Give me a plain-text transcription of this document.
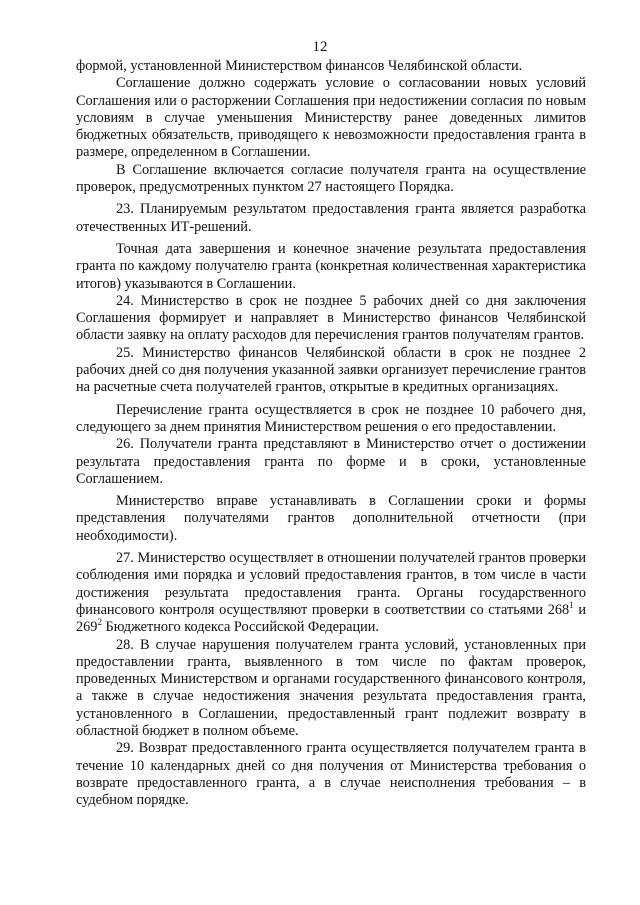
12

формой, установленной Министерством финансов Челябинской области.

Соглашение должно содержать условие о согласовании новых условий Соглашения или о расторжении Соглашения при недостижении согласия по новым условиям в случае уменьшения Министерству ранее доведенных лимитов бюджетных обязательств, приводящего к невозможности предоставления гранта в размере, определенном в Соглашении.

В Соглашение включается согласие получателя гранта на осуществление проверок, предусмотренных пунктом 27 настоящего Порядка.

23. Планируемым результатом предоставления гранта является разработка отечественных ИТ-решений.

Точная дата завершения и конечное значение результата предоставления гранта по каждому получателю гранта (конкретная количественная характеристика итогов) указываются в Соглашении.

24. Министерство в срок не позднее 5 рабочих дней со дня заключения Соглашения формирует и направляет в Министерство финансов Челябинской области заявку на оплату расходов для перечисления грантов получателям грантов.

25. Министерство финансов Челябинской области в срок не позднее 2 рабочих дней со дня получения указанной заявки организует перечисление грантов на расчетные счета получателей грантов, открытые в кредитных организациях.

Перечисление гранта осуществляется в срок не позднее 10 рабочего дня, следующего за днем принятия Министерством решения о его предоставлении.

26. Получатели гранта представляют в Министерство отчет о достижении результата предоставления гранта по форме и в сроки, установленные Соглашением.

Министерство вправе устанавливать в Соглашении сроки и формы представления получателями грантов дополнительной отчетности (при необходимости).

27. Министерство осуществляет в отношении получателей грантов проверки соблюдения ими порядка и условий предоставления грантов, в том числе в части достижения результата предоставления гранта. Органы государственного финансового контроля осуществляют проверки в соответствии со статьями $268^1$ и $269^2$ Бюджетного кодекса Российской Федерации.

28. В случае нарушения получателем гранта условий, установленных при предоставлении гранта, выявленного в том числе по фактам проверок, проведенных Министерством и органами государственного финансового контроля, а также в случае недостижения значения результата предоставления гранта, установленного в Соглашении, предоставленный грант подлежит возврату в областной бюджет в полном объеме.

29. Возврат предоставленного гранта осуществляется получателем гранта в течение 10 календарных дней со дня получения от Министерства требования о возврате предоставленного гранта, а в случае неисполнения требования – в судебном порядке.
